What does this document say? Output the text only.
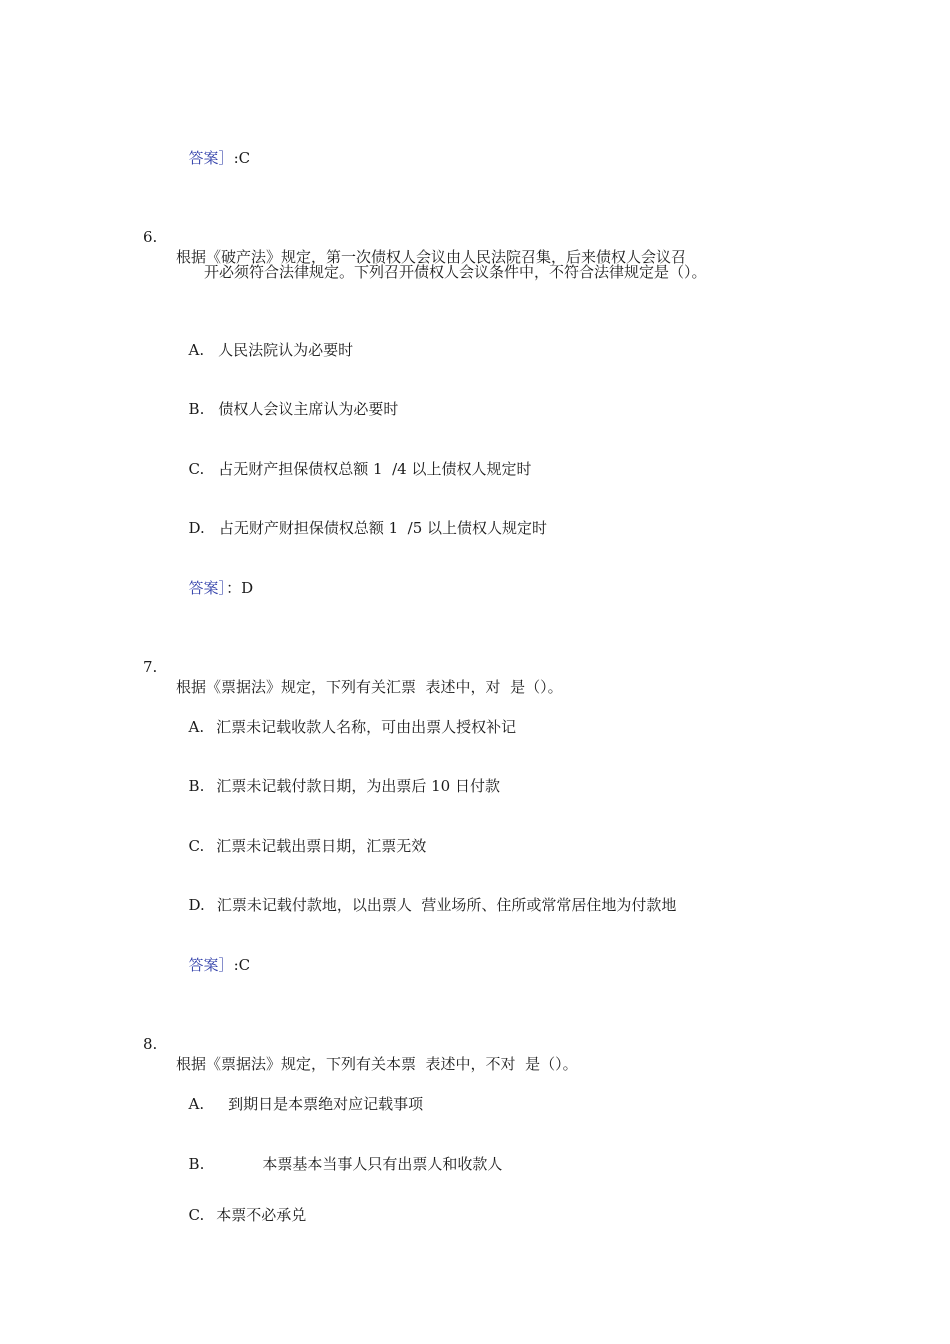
答案］:C

6.

根据《破产法》规定，第一次债权人会议由人民法院召集，后来债权人会议召

开必须符合法律规定。下列召开债权人会议条件中，不符合法律规定是（）。

A. 人民法院认为必要时

B. 债权人会议主席认为必要时

C. 占无财产担保债权总额 1  /4 以上债权人规定时

D. 占无财产财担保债权总额 1  /5 以上债权人规定时

答案］：D

7.

根据《票据法》规定，下列有关汇票  表述中，对  是（）。

A. 汇票未记载收款人名称，可由出票人授权补记

B. 汇票未记载付款日期，为出票后 10 日付款

C. 汇票未记载出票日期，汇票无效

D. 汇票未记载付款地，以出票人  营业场所、住所或常常居住地为付款地

答案］:C

8.

根据《票据法》规定，下列有关本票  表述中，不对  是（）。

A. 到期日是本票绝对应记载事项

B.	本票基本当事人只有出票人和收款人

C. 本票不必承兑
